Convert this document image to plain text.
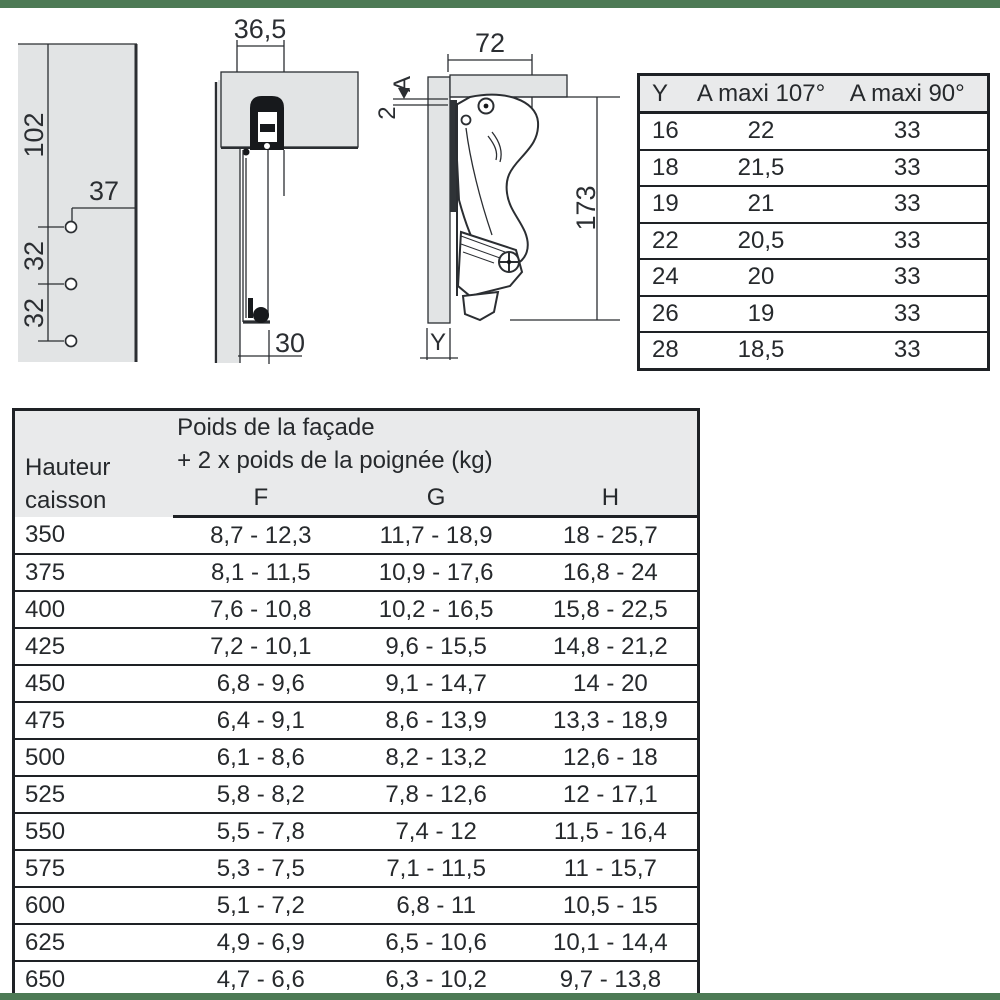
102
37
32
32
36,5
30
72
A
2
173
Y
Y	A maxi 107°	A maxi 90°
16	22	33
18	21,5	33
19	21	33
22	20,5	33
24	20	33
26	19	33
28	18,5	33
Hauteur
caisson

Poids de la façade
+ 2 x poids de la poignée (kg)

	F	G	H
350	8,7 - 12,3	11,7 - 18,9	18 - 25,7
375	8,1 - 11,5	10,9 - 17,6	16,8 - 24
400	7,6 - 10,8	10,2 - 16,5	15,8 - 22,5
425	7,2 - 10,1	9,6 - 15,5	14,8 - 21,2
450	6,8 - 9,6	9,1 - 14,7	14 - 20
475	6,4 - 9,1	8,6 - 13,9	13,3 - 18,9
500	6,1 - 8,6	8,2 - 13,2	12,6 - 18
525	5,8 - 8,2	7,8 - 12,6	12 - 17,1
550	5,5 - 7,8	7,4 - 12	11,5 - 16,4
575	5,3 - 7,5	7,1 - 11,5	11 - 15,7
600	5,1 - 7,2	6,8 - 11	10,5 - 15
625	4,9 - 6,9	6,5 - 10,6	10,1 - 14,4
650	4,7 - 6,6	6,3 - 10,2	9,7 - 13,8
